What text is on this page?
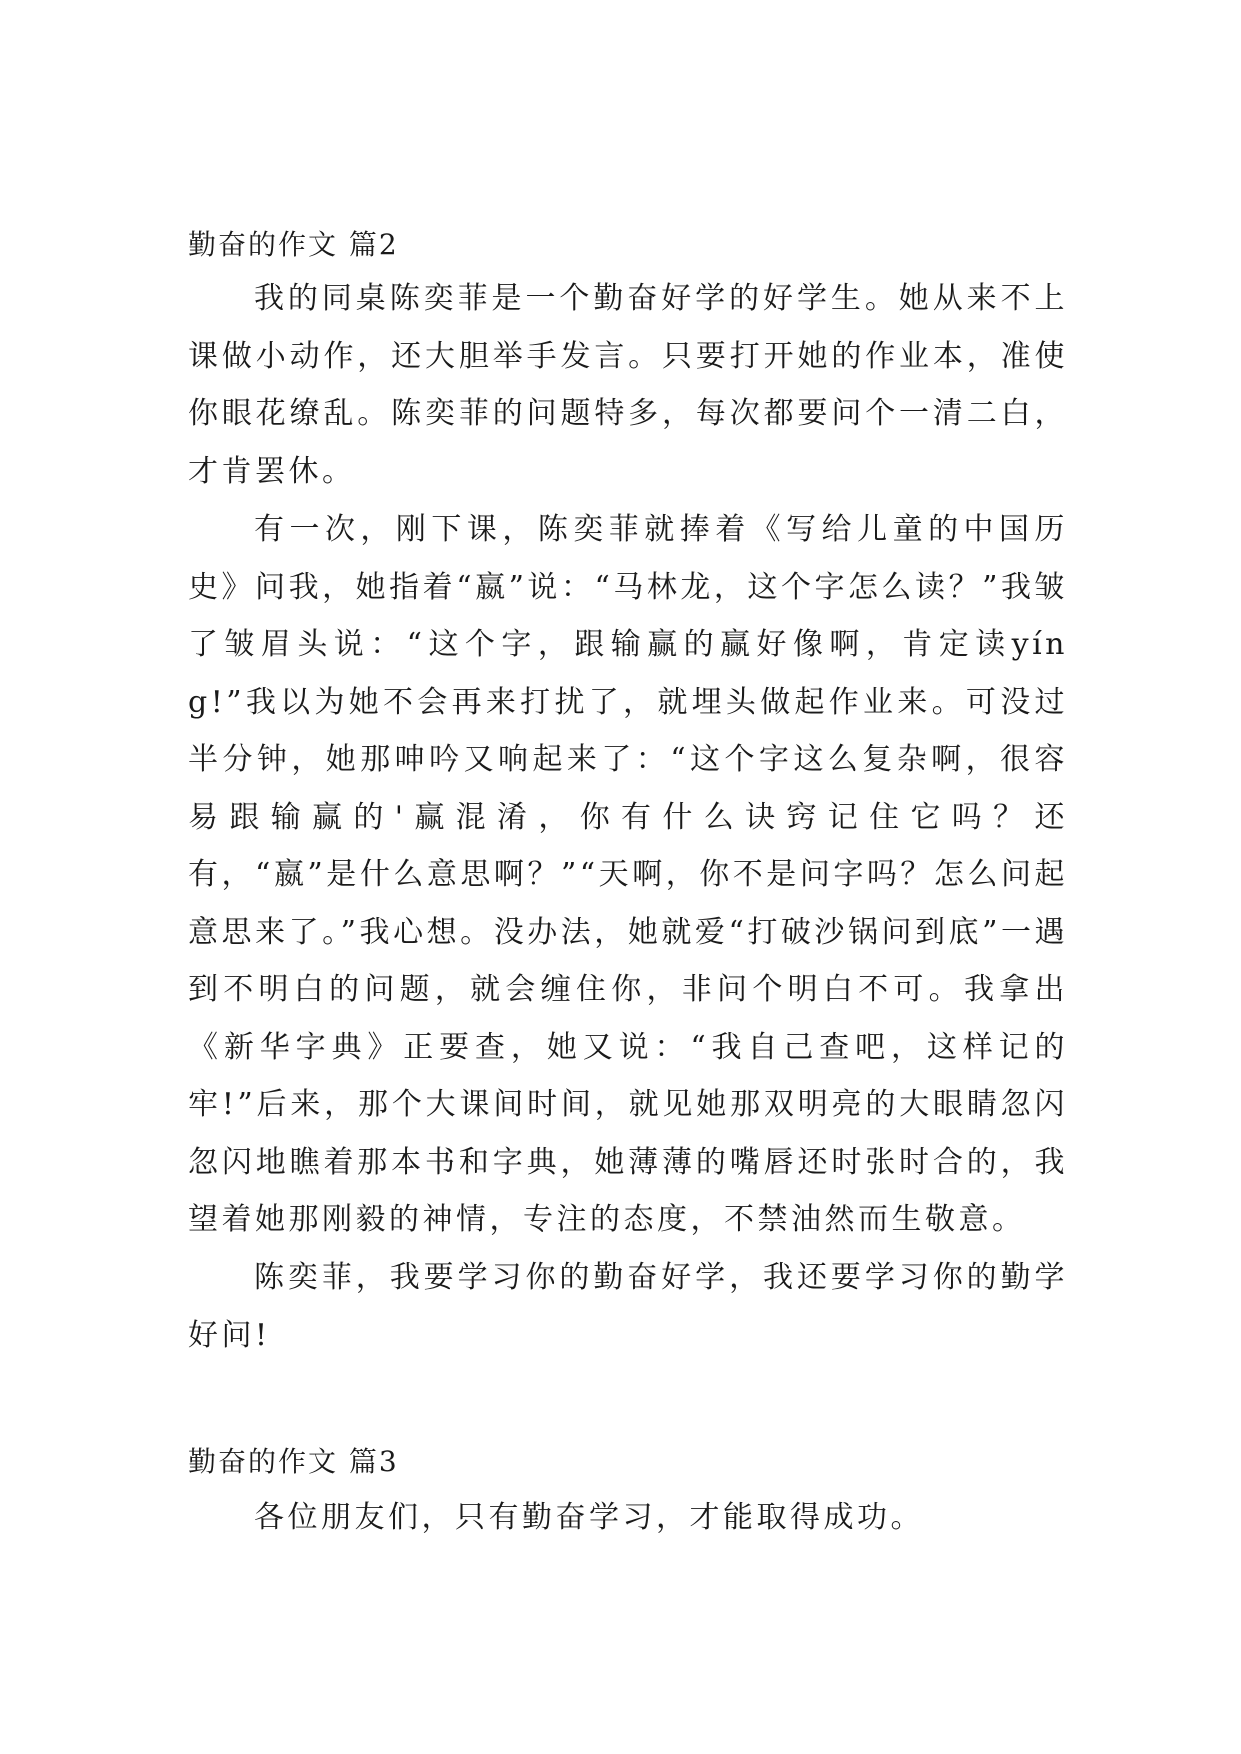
勤奋的作文 篇2

我的同桌陈奕菲是一个勤奋好学的好学生。她从来不上课做小动作，还大胆举手发言。只要打开她的作业本，准使你眼花缭乱。陈奕菲的问题特多，每次都要问个一清二白，才肯罢休。

有一次，刚下课，陈奕菲就捧着《写给儿童的中国历史》问我，她指着“嬴”说：“马林龙，这个字怎么读？”我皱了皱眉头说：“这个字，跟输赢的赢好像啊，肯定读yíng!”我以为她不会再来打扰了，就埋头做起作业来。可没过半分钟，她那呻吟又响起来了：“这个字这么复杂啊，很容易跟输赢的'赢混淆，你有什么诀窍记住它吗？还有，“嬴”是什么意思啊？”“天啊，你不是问字吗？怎么问起意思来了。”我心想。没办法，她就爱“打破沙锅问到底”一遇到不明白的问题，就会缠住你，非问个明白不可。我拿出《新华字典》正要查，她又说：“我自己查吧，这样记的牢!”后来，那个大课间时间，就见她那双明亮的大眼睛忽闪忽闪地瞧着那本书和字典，她薄薄的嘴唇还时张时合的，我望着她那刚毅的神情，专注的态度，不禁油然而生敬意。

陈奕菲，我要学习你的勤奋好学，我还要学习你的勤学好问!

勤奋的作文 篇3

各位朋友们，只有勤奋学习，才能取得成功。
